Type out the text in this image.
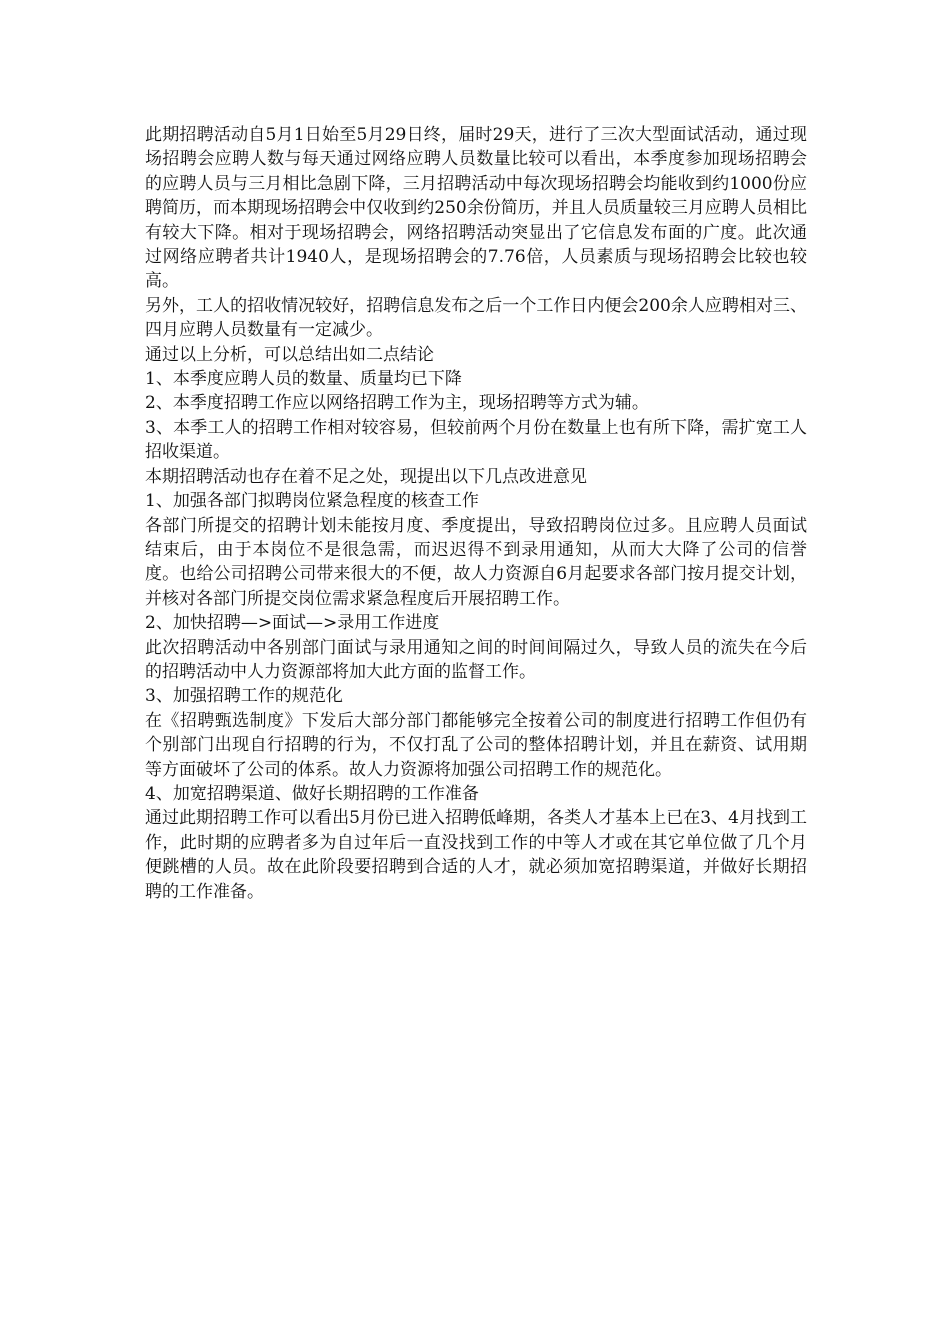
此期招聘活动自5月1日始至5月29日终，届时29天，进行了三次大型面试活动，通过现场招聘会应聘人数与每天通过网络应聘人员数量比较可以看出，本季度参加现场招聘会的应聘人员与三月相比急剧下降，三月招聘活动中每次现场招聘会均能收到约1000份应聘简历，而本期现场招聘会中仅收到约250余份简历，并且人员质量较三月应聘人员相比有较大下降。相对于现场招聘会，网络招聘活动突显出了它信息发布面的广度。此次通过网络应聘者共计1940人，是现场招聘会的7.76倍，人员素质与现场招聘会比较也较高。

另外，工人的招收情况较好，招聘信息发布之后一个工作日内便会200余人应聘相对三、四月应聘人员数量有一定减少。

通过以上分析，可以总结出如二点结论

1、本季度应聘人员的数量、质量均已下降

2、本季度招聘工作应以网络招聘工作为主，现场招聘等方式为辅。

3、本季工人的招聘工作相对较容易，但较前两个月份在数量上也有所下降，需扩宽工人招收渠道。

本期招聘活动也存在着不足之处，现提出以下几点改进意见

1、加强各部门拟聘岗位紧急程度的核查工作

各部门所提交的招聘计划未能按月度、季度提出，导致招聘岗位过多。且应聘人员面试结束后，由于本岗位不是很急需，而迟迟得不到录用通知，从而大大降了公司的信誉度。也给公司招聘公司带来很大的不便，故人力资源自6月起要求各部门按月提交计划，并核对各部门所提交岗位需求紧急程度后开展招聘工作。

2、加快招聘—>面试—>录用工作进度

此次招聘活动中各别部门面试与录用通知之间的时间间隔过久，导致人员的流失在今后的招聘活动中人力资源部将加大此方面的监督工作。

3、加强招聘工作的规范化

在《招聘甄选制度》下发后大部分部门都能够完全按着公司的制度进行招聘工作但仍有个别部门出现自行招聘的行为，不仅打乱了公司的整体招聘计划，并且在薪资、试用期等方面破坏了公司的体系。故人力资源将加强公司招聘工作的规范化。

4、加宽招聘渠道、做好长期招聘的工作准备

通过此期招聘工作可以看出5月份已进入招聘低峰期，各类人才基本上已在3、4月找到工作，此时期的应聘者多为自过年后一直没找到工作的中等人才或在其它单位做了几个月便跳槽的人员。故在此阶段要招聘到合适的人才，就必须加宽招聘渠道，并做好长期招聘的工作准备。
